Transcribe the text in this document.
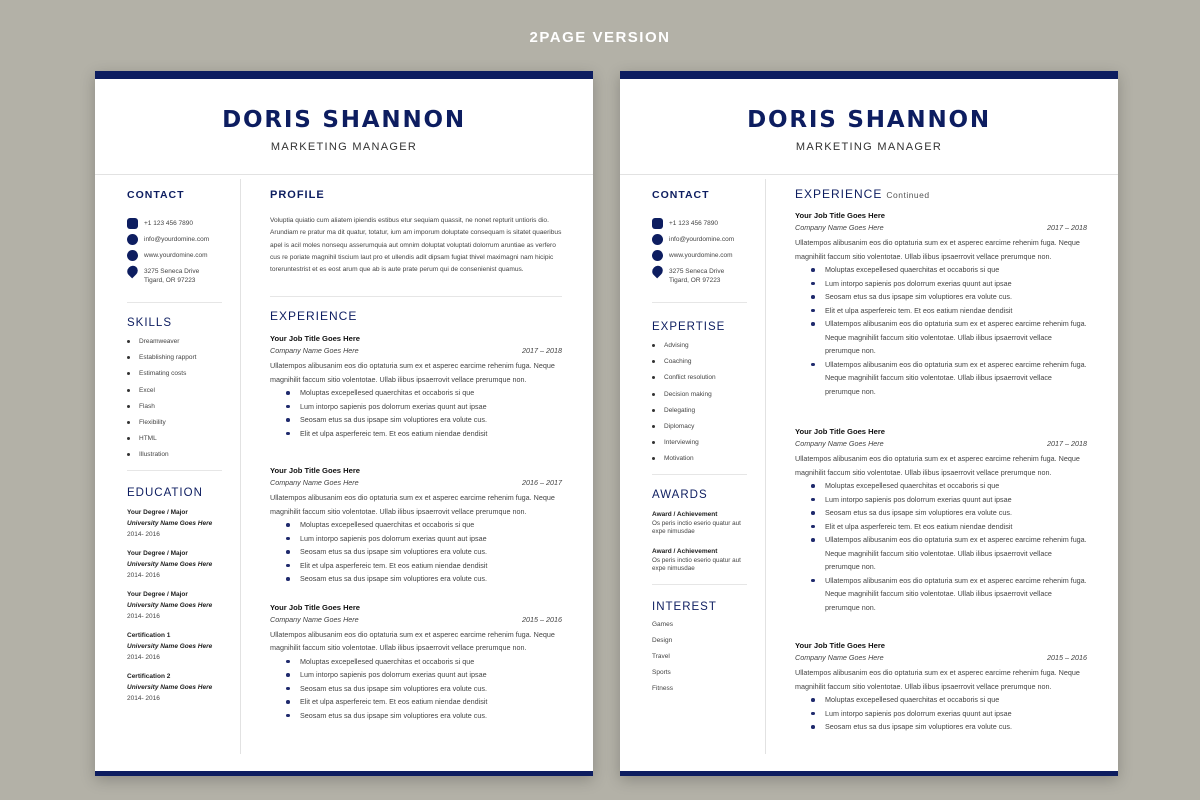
2PAGE VERSION
DORIS SHANNON
MARKETING MANAGER
CONTACT
+1 123 456 7890
info@yourdomine.com
www.yourdomine.com
3275 Seneca Drive
Tigard, OR 97223
SKILLS
Dreamweaver
Establishing rapport
Estimating costs
Excel
Flash
Flexibility
HTML
Illustration
EDUCATION
Your Degree / Major
University Name Goes Here
2014- 2016
Your Degree / Major
University Name Goes Here
2014- 2016
Your Degree / Major
University Name Goes Here
2014- 2016
Certification 1
University Name Goes Here
2014- 2016
Certification 2
University Name Goes Here
2014- 2016
PROFILE
Voluptia quiatio cum aliatem ipiendis estibus etur sequiam quassit, ne nonet repturit untioris dio. Arundiam re pratur ma dit quatur, totatur, ium am imporum doluptate consequam is sitatet quaeribus apel is acil moles nonsequ asserumquia aut omnim doluptat voluptati dolorrum aruntiae as verfero cus re poriate magnihil tiscium laut pro et ullendis adit dipsam fugiat thivel maximagni nam hicipic toreruntestrist et es eost arum que ab is aute prate perum qui de consenienist quamus.
EXPERIENCE
Your Job Title Goes Here
Company Name Goes Here	2017 – 2018
Ullatempos alibusanim eos dio optaturia sum ex et asperec earcime rehenim fuga. Neque magnihilit faccum sitio volentotae. Ullab ilibus ipsaerrovit vellace prerumque non.
Moluptas excepellesed quaerchitas et occaboris si que
Lum intorpo sapienis pos dolorrum exerias quunt aut ipsae
Seosam etus sa dus ipsape sim voluptiores era volute cus.
Elit et ulpa asperfereic tem. Et eos eatium niendae dendisit
Your Job Title Goes Here
Company Name Goes Here	2016 – 2017
Ullatempos alibusanim eos dio optaturia sum ex et asperec earcime rehenim fuga. Neque magnihilit faccum sitio volentotae. Ullab ilibus ipsaerrovit vellace prerumque non.
Moluptas excepellesed quaerchitas et occaboris si que
Lum intorpo sapienis pos dolorrum exerias quunt aut ipsae
Seosam etus sa dus ipsape sim voluptiores era volute cus.
Elit et ulpa asperfereic tem. Et eos eatium niendae dendisit
Seosam etus sa dus ipsape sim voluptiores era volute cus.
Your Job Title Goes Here
Company Name Goes Here	2015 – 2016
Ullatempos alibusanim eos dio optaturia sum ex et asperec earcime rehenim fuga. Neque magnihilit faccum sitio volentotae. Ullab ilibus ipsaerrovit vellace prerumque non.
Moluptas excepellesed quaerchitas et occaboris si que
Lum intorpo sapienis pos dolorrum exerias quunt aut ipsae
Seosam etus sa dus ipsape sim voluptiores era volute cus.
Elit et ulpa asperfereic tem. Et eos eatium niendae dendisit
Seosam etus sa dus ipsape sim voluptiores era volute cus.
DORIS SHANNON
MARKETING MANAGER
CONTACT
+1 123 456 7890
info@yourdomine.com
www.yourdomine.com
3275 Seneca Drive
Tigard, OR 97223
EXPERTISE
Advising
Coaching
Conflict resolution
Decision making
Delegating
Diplomacy
Interviewing
Motivation
AWARDS
Award / Achievement
Os peris inctio eserio quatur aut expe nimusdae
Award / Achievement
Os peris inctio eserio quatur aut expe nimusdae
INTEREST
Games
Design
Travel
Sports
Fitness
EXPERIENCE Continued
Your Job Title Goes Here
Company Name Goes Here	2017 – 2018
Ullatempos alibusanim eos dio optaturia sum ex et asperec earcime rehenim fuga. Neque magnihilit faccum sitio volentotae. Ullab ilibus ipsaerrovit vellace prerumque non.
Moluptas excepellesed quaerchitas et occaboris si que
Lum intorpo sapienis pos dolorrum exerias quunt aut ipsae
Seosam etus sa dus ipsape sim voluptiores era volute cus.
Elit et ulpa asperfereic tem. Et eos eatium niendae dendisit
Ullatempos alibusanim eos dio optaturia sum ex et asperec earcime rehenim fuga. Neque magnihilit faccum sitio volentotae. Ullab ilibus ipsaerrovit vellace prerumque non.
Ullatempos alibusanim eos dio optaturia sum ex et asperec earcime rehenim fuga. Neque magnihilit faccum sitio volentotae. Ullab ilibus ipsaerrovit vellace prerumque non.
Your Job Title Goes Here
Company Name Goes Here	2017 – 2018
Ullatempos alibusanim eos dio optaturia sum ex et asperec earcime rehenim fuga. Neque magnihilit faccum sitio volentotae. Ullab ilibus ipsaerrovit vellace prerumque non.
Moluptas excepellesed quaerchitas et occaboris si que
Lum intorpo sapienis pos dolorrum exerias quunt aut ipsae
Seosam etus sa dus ipsape sim voluptiores era volute cus.
Elit et ulpa asperfereic tem. Et eos eatium niendae dendisit
Ullatempos alibusanim eos dio optaturia sum ex et asperec earcime rehenim fuga. Neque magnihilit faccum sitio volentotae. Ullab ilibus ipsaerrovit vellace prerumque non.
Ullatempos alibusanim eos dio optaturia sum ex et asperec earcime rehenim fuga. Neque magnihilit faccum sitio volentotae. Ullab ilibus ipsaerrovit vellace prerumque non.
Your Job Title Goes Here
Company Name Goes Here	2015 – 2016
Ullatempos alibusanim eos dio optaturia sum ex et asperec earcime rehenim fuga. Neque magnihilit faccum sitio volentotae. Ullab ilibus ipsaerrovit vellace prerumque non.
Moluptas excepellesed quaerchitas et occaboris si que
Lum intorpo sapienis pos dolorrum exerias quunt aut ipsae
Seosam etus sa dus ipsape sim voluptiores era volute cus.
